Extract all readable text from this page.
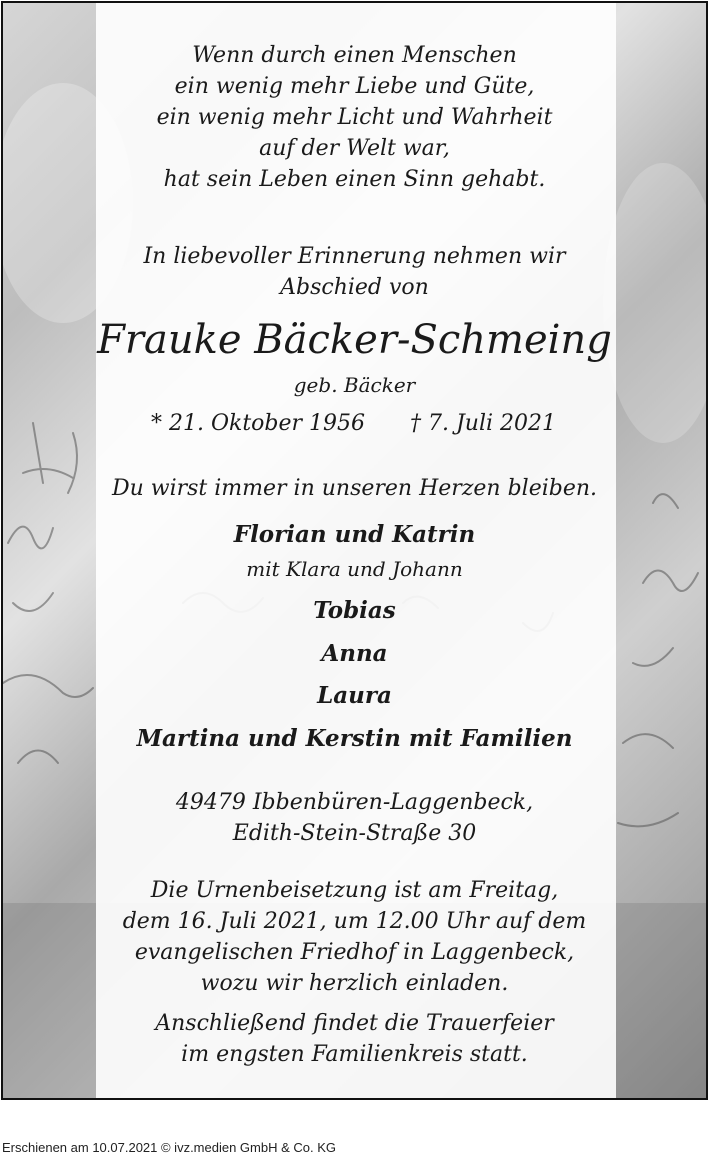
Wenn durch einen Menschen
ein wenig mehr Liebe und Güte,
ein wenig mehr Licht und Wahrheit
auf der Welt war,
hat sein Leben einen Sinn gehabt.
In liebevoller Erinnerung nehmen wir
Abschied von
Frauke Bäcker-Schmeing
geb. Bäcker
* 21. Oktober 1956	† 7. Juli 2021
Du wirst immer in unseren Herzen bleiben.
Florian und Katrin
mit Klara und Johann
Tobias
Anna
Laura
Martina und Kerstin mit Familien
49479 Ibbenbüren-Laggenbeck,
Edith-Stein-Straße 30
Die Urnenbeisetzung ist am Freitag,
dem 16. Juli 2021, um 12.00 Uhr auf dem
evangelischen Friedhof in Laggenbeck,
wozu wir herzlich einladen.
Anschließend findet die Trauerfeier
im engsten Familienkreis statt.
Erschienen am 10.07.2021 © ivz.medien GmbH & Co. KG
